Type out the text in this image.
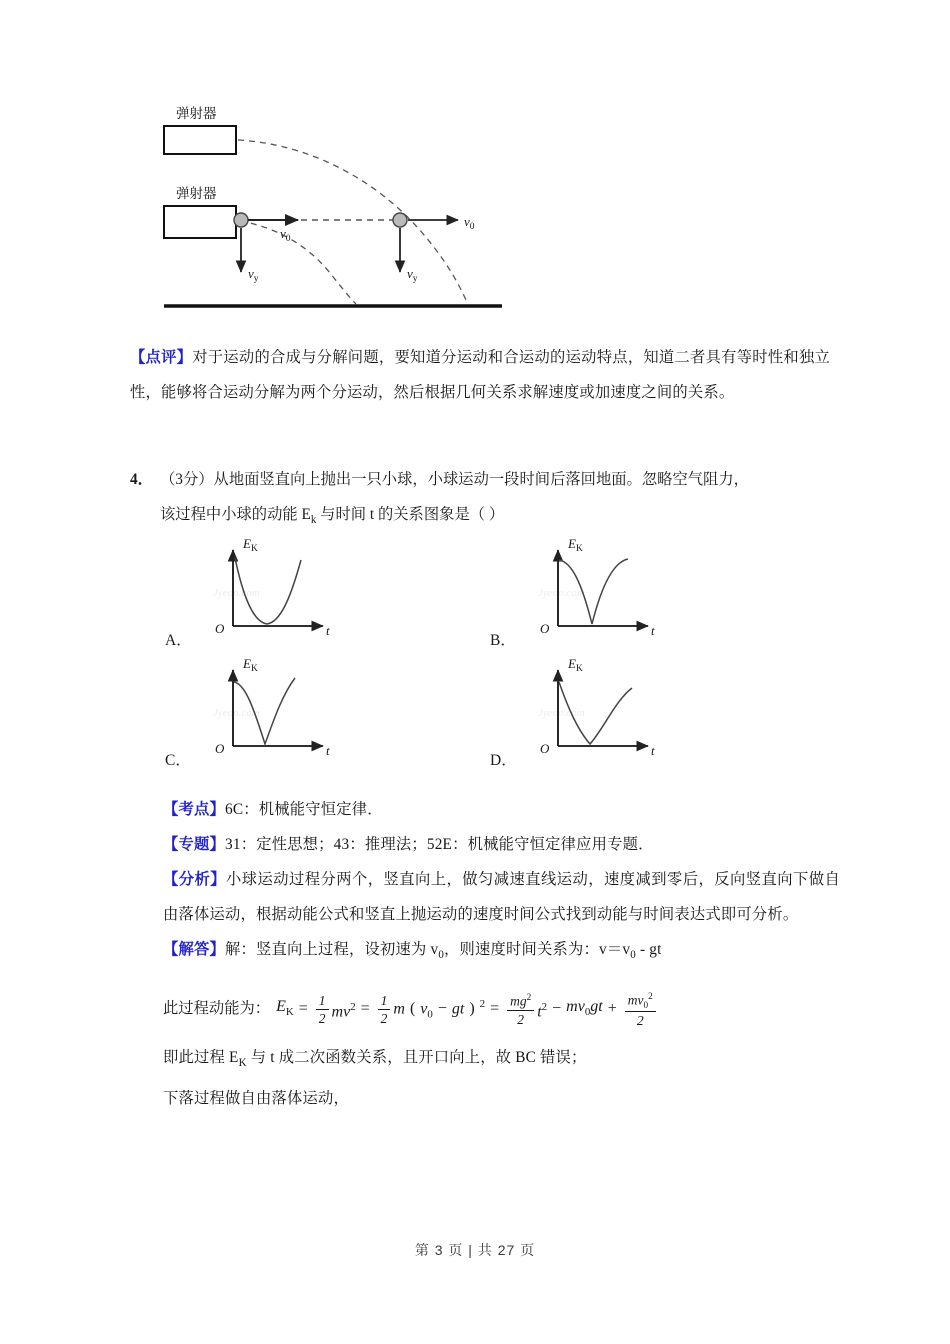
弹射器
弹射器
$v_0$
$v_0$
$v_y$	$v_y$
【点评】对于运动的合成与分解问题，要知道分运动和合运动的运动特点，知道二者具有等时性和独立性，能够将合运动分解为两个分运动，然后根据几何关系求解速度或加速度之间的关系。
4． （3分）从地面竖直向上抛出一只小球，小球运动一段时间后落回地面。忽略空气阻力，
该过程中小球的动能 $E_k$ 与时间 t 的关系图象是（ ）
A．
Jyeoo.com
$E_K$
t
O
B．
Jyeoo.com
$E_K$
t
O
C．
Jyeoo.com
$E_K$
t
O
D．
Jyeoo.com
$E_K$
t
O
【考点】6C：机械能守恒定律．
【专题】31：定性思想；43：推理法；52E：机械能守恒定律应用专题．
【分析】小球运动过程分两个，竖直向上，做匀减速直线运动，速度减到零后，反向竖直向下做自由落体运动，根据动能公式和竖直上抛运动的速度时间公式找到动能与时间表达式即可分析。
【解答】解：竖直向上过程，设初速为 $v_0$，则速度时间关系为：$v=v_0$ - gt
此过程动能为： $E_K = \frac{1}{2} mv^2 = \frac{1}{2}$ m ( $v_0$ − gt ) $^2 = \frac{mg^2}{2} t^2 - mv_0gt + \frac{mv_0^2}{2}$
即此过程 $E_K$ 与 t 成二次函数关系，且开口向上，故 BC 错误；
下落过程做自由落体运动，
第 3 页 | 共 27 页
